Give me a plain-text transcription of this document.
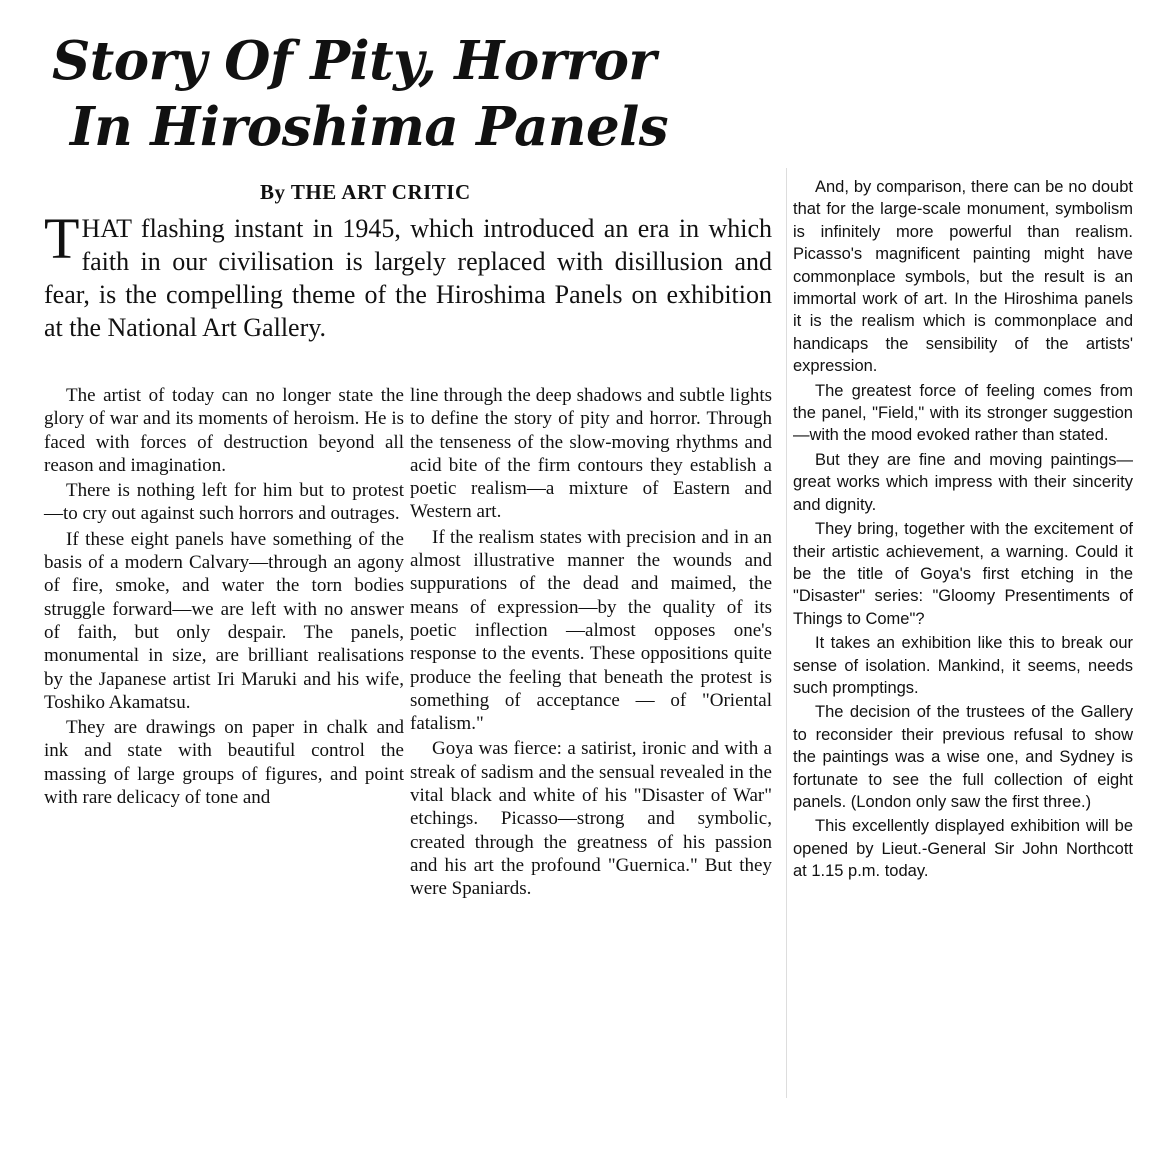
Story Of Pity, Horror
In Hiroshima Panels

By THE ART CRITIC

THAT flashing instant in 1945, which introduced an era in which faith in our civilisation is largely replaced with disillusion and fear, is the compelling theme of the Hiroshima Panels on exhibition at the National Art Gallery.

The artist of today can no longer state the glory of war and its moments of heroism. He is faced with forces of destruction beyond all reason and imagination.

There is nothing left for him but to protest—to cry out against such horrors and outrages.

If these eight panels have something of the basis of a modern Calvary—through an agony of fire, smoke, and water the torn bodies struggle forward—we are left with no answer of faith, but only despair. The panels, monumental in size, are brilliant realisations by the Japanese artist Iri Maruki and his wife, Toshiko Akamatsu.

They are drawings on paper in chalk and ink and state with beautiful control the massing of large groups of figures, and point with rare delicacy of tone and

line through the deep shadows and subtle lights to define the story of pity and horror. Through the tenseness of the slow-moving rhythms and acid bite of the firm contours they establish a poetic realism—a mixture of Eastern and Western art.

If the realism states with precision and in an almost illustrative manner the wounds and suppurations of the dead and maimed, the means of expression—by the quality of its poetic inflection —almost opposes one's response to the events. These oppositions quite produce the feeling that beneath the protest is something of acceptance — of "Oriental fatalism."

Goya was fierce: a satirist, ironic and with a streak of sadism and the sensual revealed in the vital black and white of his "Disaster of War" etchings. Picasso—strong and symbolic, created through the greatness of his passion and his art the profound "Guernica." But they were Spaniards.

And, by comparison, there can be no doubt that for the large-scale monument, symbolism is infinitely more powerful than realism. Picasso's magnificent painting might have commonplace symbols, but the result is an immortal work of art. In the Hiroshima panels it is the realism which is commonplace and handicaps the sensibility of the artists' expression.

The greatest force of feeling comes from the panel, "Field," with its stronger suggestion—with the mood evoked rather than stated.

But they are fine and moving paintings—great works which impress with their sincerity and dignity.

They bring, together with the excitement of their artistic achievement, a warning. Could it be the title of Goya's first etching in the "Disaster" series: "Gloomy Presentiments of Things to Come"?

It takes an exhibition like this to break our sense of isolation. Mankind, it seems, needs such promptings.

The decision of the trustees of the Gallery to reconsider their previous refusal to show the paintings was a wise one, and Sydney is fortunate to see the full collection of eight panels. (London only saw the first three.)

This excellently displayed exhibition will be opened by Lieut.-General Sir John Northcott at 1.15 p.m. today.
